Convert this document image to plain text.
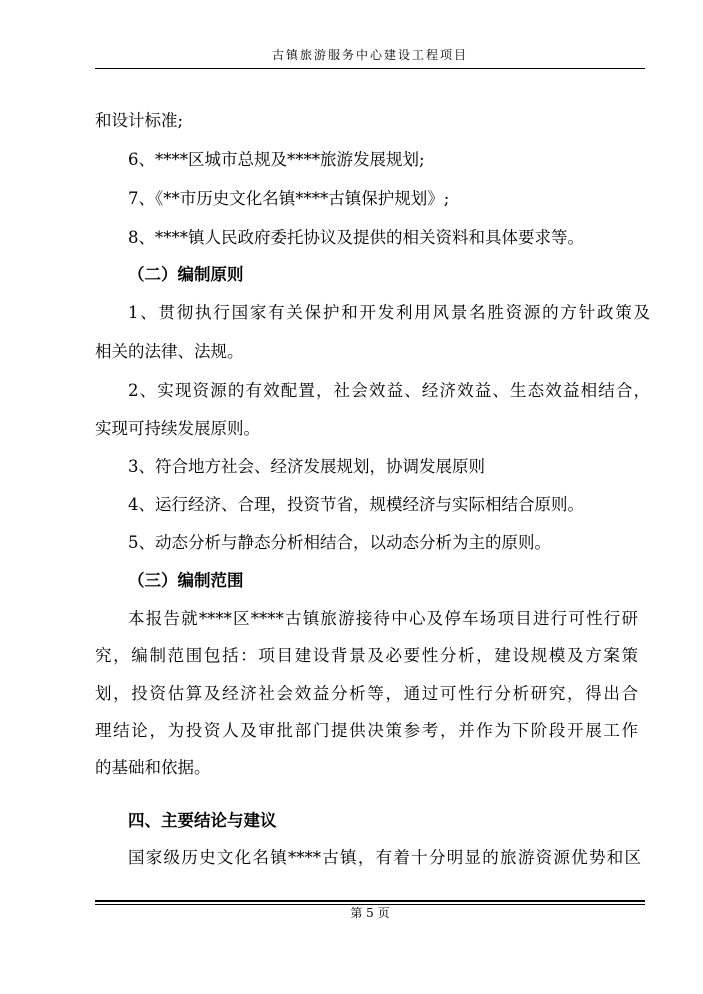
古镇旅游服务中心建设工程项目
和设计标准;
6、****区城市总规及****旅游发展规划;
7、《**市历史文化名镇****古镇保护规划》;
8、****镇人民政府委托协议及提供的相关资料和具体要求等。
（二）编制原则
1、贯彻执行国家有关保护和开发利用风景名胜资源的方针政策及
相关的法律、法规。
2、实现资源的有效配置，社会效益、经济效益、生态效益相结合，
实现可持续发展原则。
3、符合地方社会、经济发展规划，协调发展原则
4、运行经济、合理，投资节省，规模经济与实际相结合原则。
5、动态分析与静态分析相结合，以动态分析为主的原则。
（三）编制范围
本报告就****区****古镇旅游接待中心及停车场项目进行可性行研
究，编制范围包括：项目建设背景及必要性分析，建设规模及方案策
划，投资估算及经济社会效益分析等，通过可性行分析研究，得出合
理结论，为投资人及审批部门提供决策参考，并作为下阶段开展工作
的基础和依据。
四、主要结论与建议
国家级历史文化名镇****古镇，有着十分明显的旅游资源优势和区
第 5 页
